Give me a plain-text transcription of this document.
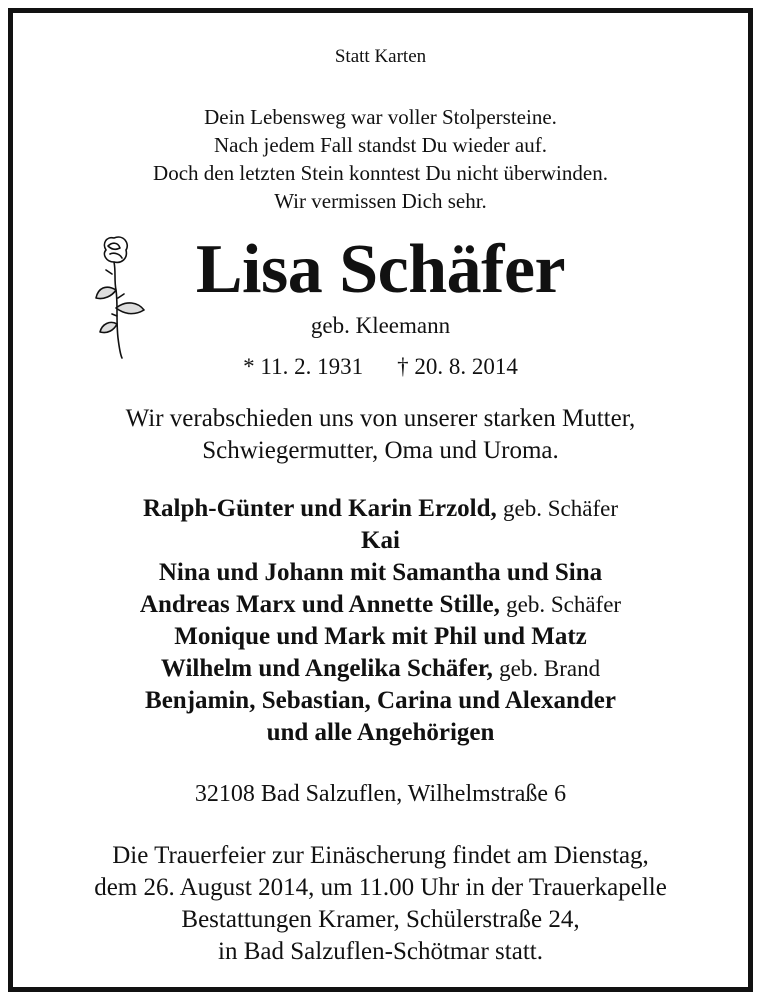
Statt Karten
Dein Lebensweg war voller Stolpersteine.
Nach jedem Fall standst Du wieder auf.
Doch den letzten Stein konntest Du nicht überwinden.
Wir vermissen Dich sehr.
Lisa Schäfer
geb. Kleemann
* 11. 2. 1931 † 20. 8. 2014
Wir verabschieden uns von unserer starken Mutter,
Schwiegermutter, Oma und Uroma.
Ralph-Günter und Karin Erzold, geb. Schäfer
Kai
Nina und Johann mit Samantha und Sina
Andreas Marx und Annette Stille, geb. Schäfer
Monique und Mark mit Phil und Matz
Wilhelm und Angelika Schäfer, geb. Brand
Benjamin, Sebastian, Carina und Alexander
und alle Angehörigen
32108 Bad Salzuflen, Wilhelmstraße 6
Die Trauerfeier zur Einäscherung findet am Dienstag,
dem 26. August 2014, um 11.00 Uhr in der Trauerkapelle
Bestattungen Kramer, Schülerstraße 24,
in Bad Salzuflen-Schötmar statt.
